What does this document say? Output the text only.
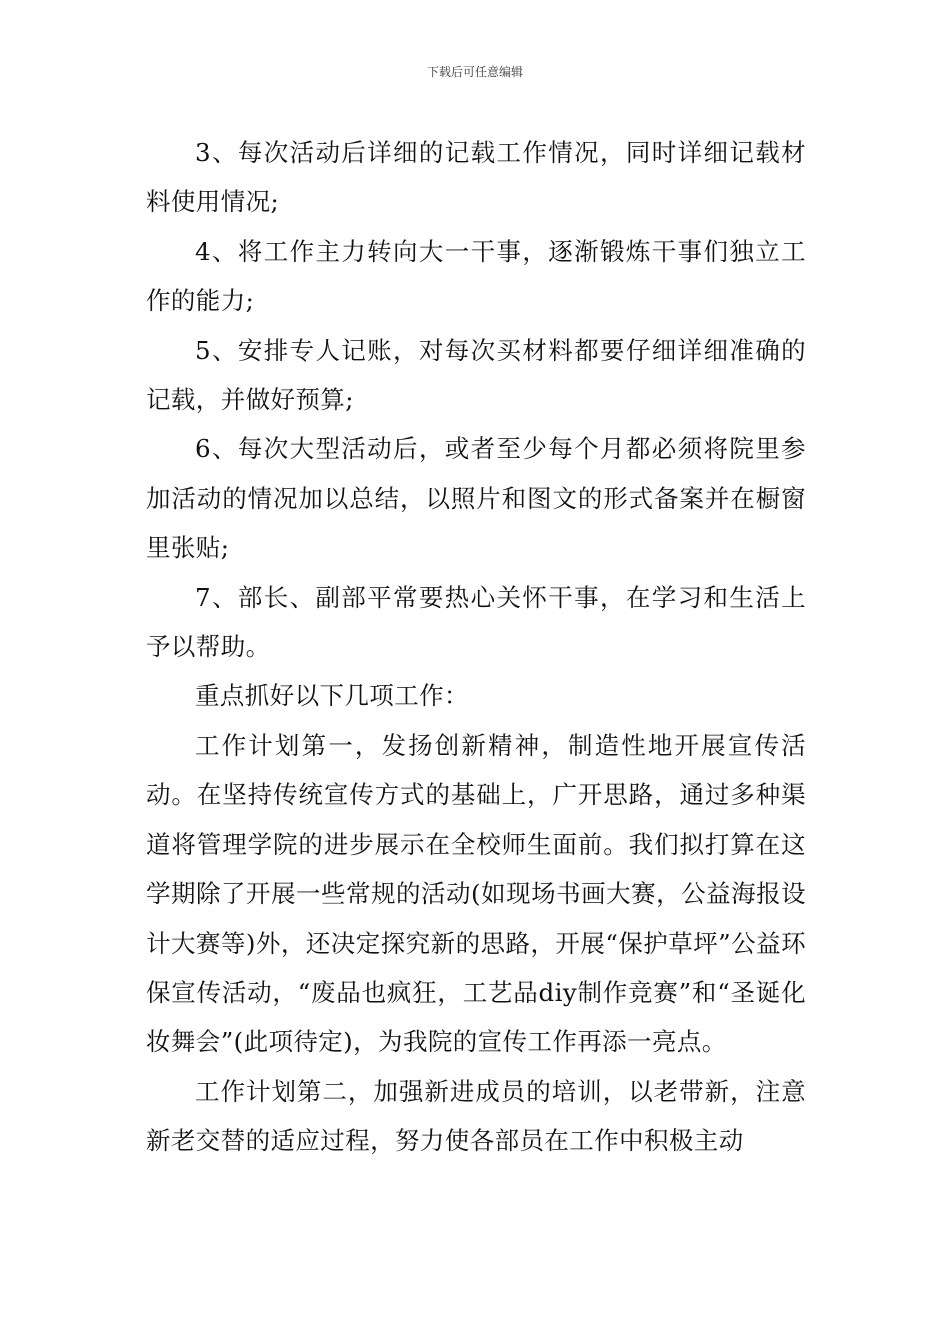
下载后可任意编辑

3、每次活动后详细的记载工作情况，同时详细记载材料使用情况;

4、将工作主力转向大一干事，逐渐锻炼干事们独立工作的能力;

5、安排专人记账，对每次买材料都要仔细详细准确的记载，并做好预算;

6、每次大型活动后，或者至少每个月都必须将院里参加活动的情况加以总结，以照片和图文的形式备案并在橱窗里张贴;

7、部长、副部平常要热心关怀干事，在学习和生活上予以帮助。

重点抓好以下几项工作：

工作计划第一，发扬创新精神，制造性地开展宣传活动。在坚持传统宣传方式的基础上，广开思路，通过多种渠道将管理学院的进步展示在全校师生面前。我们拟打算在这学期除了开展一些常规的活动(如现场书画大赛，公益海报设计大赛等)外，还决定探究新的思路，开展“保护草坪”公益环保宣传活动，“废品也疯狂，工艺品diy制作竞赛”和“圣诞化妆舞会”(此项待定)，为我院的宣传工作再添一亮点。

工作计划第二，加强新进成员的培训，以老带新，注意新老交替的适应过程，努力使各部员在工作中积极主动
